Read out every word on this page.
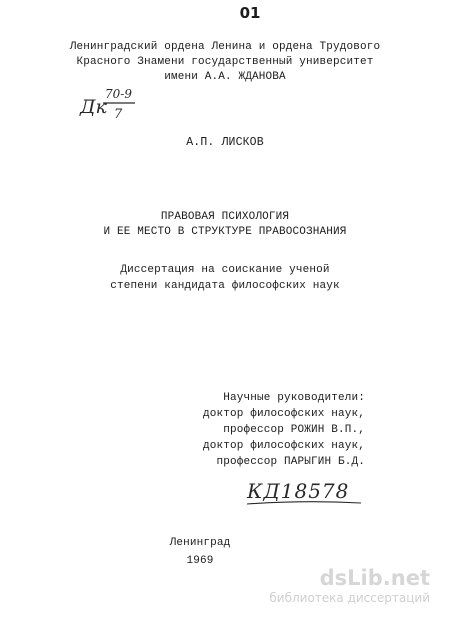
01
Ленинградский ордена Ленина и ордена Трудового
Красного Знамени государственный университет
имени А.А. ЖДАНОВА
Дк
70-9
7
А.П. ЛИСКОВ
ПРАВОВАЯ ПСИХОЛОГИЯ
И ЕЕ МЕСТО В СТРУКТУРЕ ПРАВОСОЗНАНИЯ
Диссертация на соискание ученой
степени кандидата философских наук
Научные руководители:
доктор философских наук,
профессор РОЖИН В.П.,
доктор философских наук,
профессор ПАРЫГИН Б.Д.
КД18578
Ленинград
1969
dsLib.net
библиотека диссертаций
